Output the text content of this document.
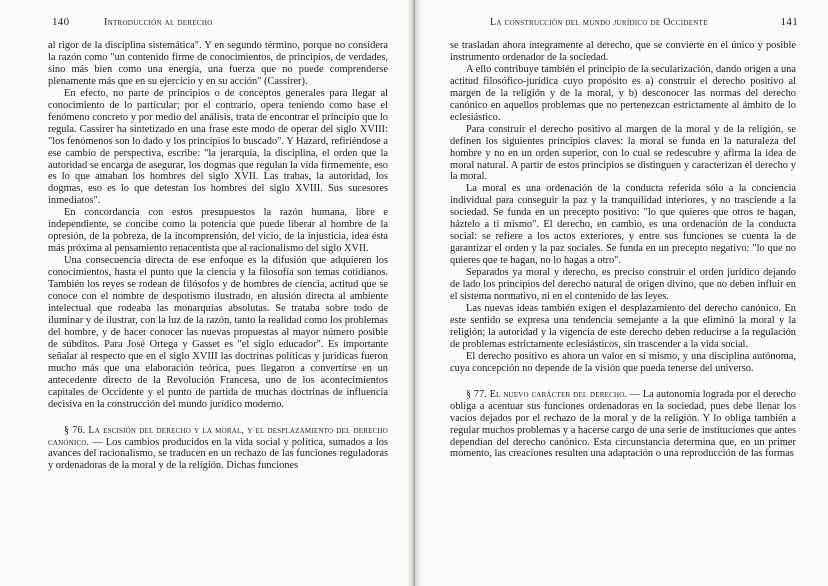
140	Introducción al derecho

al rigor de la disciplina sistemática". Y en segundo término, porque no considera la razón como "un contenido firme de conocimientos, de principios, de verdades, sino más bien como una energía, una fuerza que no puede comprenderse plenamente más que en su ejercicio y en su acción" (Cassirer).

En efecto, no parte de principios o de conceptos generales para llegar al conocimiento de lo particular; por el contrario, opera teniendo como base el fenómeno concreto y por medio del análisis, trata de encontrar el principio que lo regula. Cassirer ha sintetizado en una frase este modo de operar del siglo XVIII: "los fenómenos son lo dado y los principios lo buscado". Y Hazard, refiriéndose a ese cambio de perspectiva, escribe: "la jerarquía, la disciplina, el orden que la autoridad se encarga de asegurar, los dogmas que regulan la vida firmemente, eso es lo que amaban los hombres del siglo XVII. Las trabas, la autoridad, los dogmas, eso es lo que detestan los hombres del siglo XVIII. Sus sucesores inmediatos".

En concordancia con estos presupuestos la razón humana, libre e independiente, se concibe como la potencia que puede liberar al hombre de la opresión, de la pobreza, de la incomprensión, del vicio, de la injusticia, idea ésta más próxima al pensamiento renacentista que al racionalismo del siglo XVII.

Una consecuencia directa de ese enfoque es la difusión que adquieren los conocimientos, hasta el punto que la ciencia y la filosofía son temas cotidianos. También los reyes se rodean de filósofos y de hombres de ciencia, actitud que se conoce con el nombre de despotismo ilustrado, en alusión directa al ambiente intelectual que rodeaba las monarquías absolutas. Se trataba sobre todo de iluminar y de ilustrar, con la luz de la razón, tanto la realidad como los problemas del hombre, y de hacer conocer las nuevas propuestas al mayor número posible de súbditos. Para José Ortega y Gasset es "el siglo educador". Es importante señalar al respecto que en el siglo XVIII las doctrinas políticas y jurídicas fueron mucho más que una elaboración teórica, pues llegaron a convertirse en un antecedente directo de la Revolución Francesa, uno de los acontecimientos capitales de Occidente y el punto de partida de muchas doctrinas de influencia decisiva en la construcción del mundo jurídico moderno.

§ 76. La escisión del derecho y la moral, y el desplazamiento del derecho canónico. — Los cambios producidos en la vida social y política, sumados a los avances del racionalismo, se traducen en un rechazo de las funciones reguladoras y ordenadoras de la moral y de la religión. Dichas funciones

La construcción del mundo jurídico de Occidente	141

se trasladan ahora íntegramente al derecho, que se convierte en el único y posible instrumento ordenador de la sociedad.

A ello contribuye también el principio de la secularización, dando origen a una actitud filosófico-jurídica cuyo propósito es a) construir el derecho positivo al margen de la religión y de la moral, y b) desconocer las normas del derecho canónico en aquellos problemas que no pertenezcan estrictamente al ámbito de lo eclesiástico.

Para construir el derecho positivo al margen de la moral y de la religión, se definen los siguientes principios claves: la moral se funda en la naturaleza del hombre y no en un orden superior, con lo cual se redescubre y afirma la idea de moral natural. A partir de estos principios se distinguen y caracterizan el derecho y la moral.

La moral es una ordenación de la conducta referida sólo a la conciencia individual para conseguir la paz y la tranquilidad interiores, y no trasciende a la sociedad. Se funda en un precepto positivo: "lo que quieres que otros te hagan, háztelo a ti mismo". El derecho, en cambio, es una ordenación de la conducta social: se refiere a los actos exteriores, y entre sus funciones se cuenta la de garantizar el orden y la paz sociales. Se funda en un precepto negativo: "lo que no quieres que te hagan, no lo hagas a otro".

Separados ya moral y derecho, es preciso construir el orden jurídico dejando de lado los principios del derecho natural de origen divino, que no deben influir en el sistema normativo, ni en el contenido de las leyes.

Las nuevas ideas también exigen el desplazamiento del derecho canónico. En este sentido se expresa una tendencia semejante a la que eliminó la moral y la religión; la autoridad y la vigencia de este derecho deben reducirse a la regulación de problemas estrictamente eclesiásticos, sin trascender a la vida social.

El derecho positivo es ahora un valor en sí mismo, y una disciplina autónoma, cuya concepción no depende de la visión que pueda tenerse del universo.

§ 77. El nuevo carácter del derecho. — La autonomía lograda por el derecho obliga a acentuar sus funciones ordenadoras en la sociedad, pues debe llenar los vacíos dejados por el rechazo de la moral y de la religión. Y lo obliga también a regular muchos problemas y a hacerse cargo de una serie de instituciones que antes dependían del derecho canónico. Esta circunstancia determina que, en un primer momento, las creaciones resulten una adaptación o una reproducción de las formas
